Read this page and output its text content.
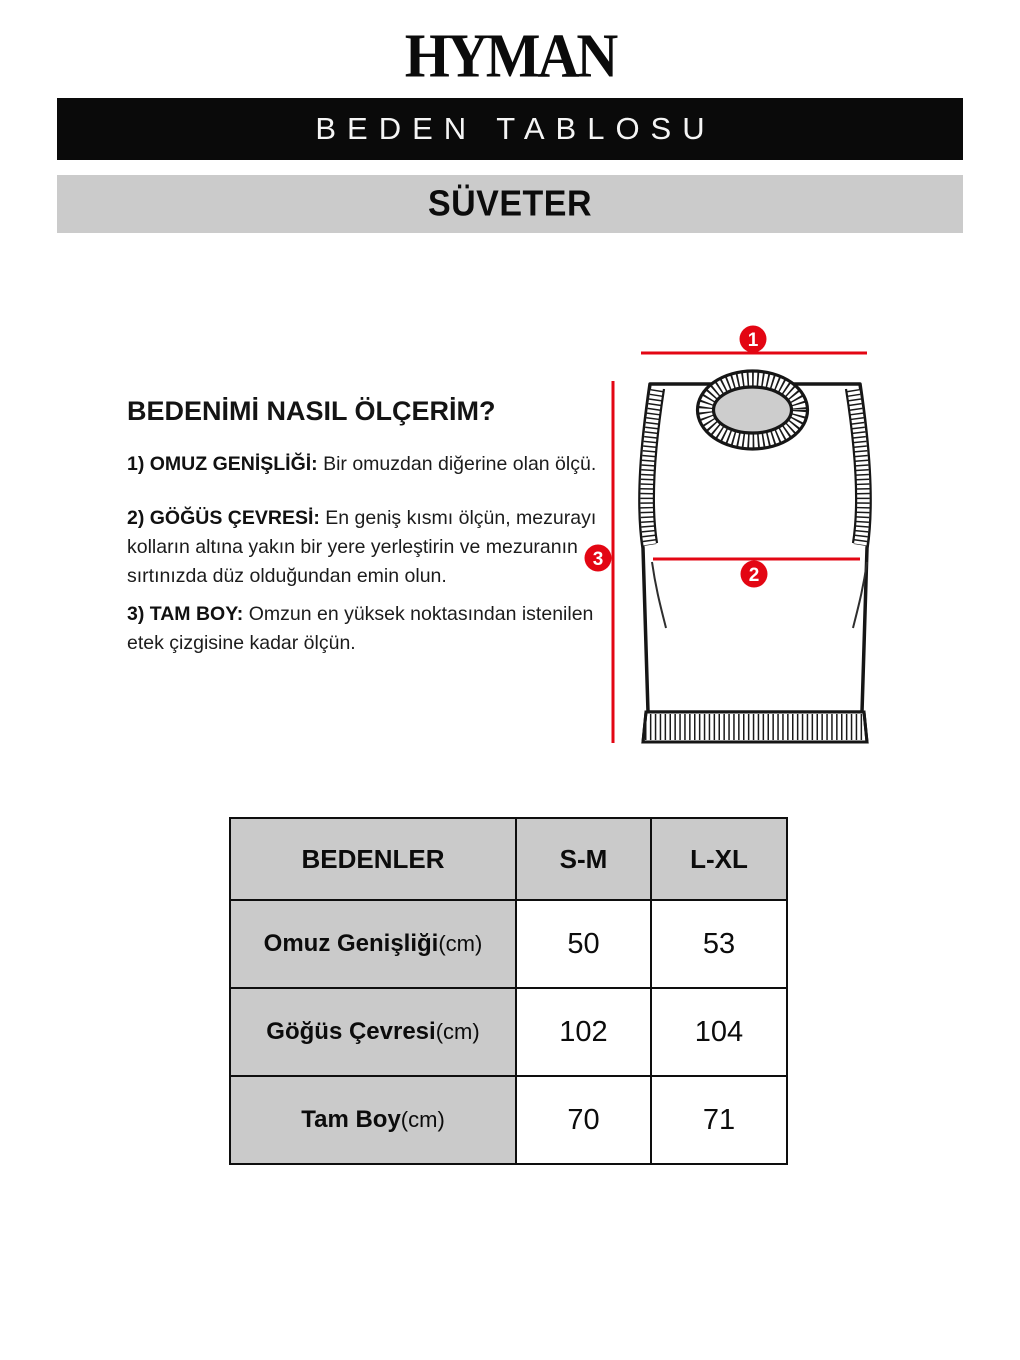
HYMAN
BEDEN TABLOSU
SÜVETER
BEDENİMİ NASIL ÖLÇERİM?
1) OMUZ GENİŞLİĞİ: Bir omuzdan diğerine olan ölçü.
2) GÖĞÜS ÇEVRESİ: En geniş kısmı ölçün, mezurayı kolların altına yakın bir yere yerleştirin ve mezuranın sırtınızda düz olduğundan emin olun.
3) TAM BOY: Omzun en yüksek noktasından istenilen etek çizgisine kadar ölçün.
1
2
3
BEDENLER	S-M	L-XL
Omuz Genişliği(cm)	50	53
Göğüs Çevresi(cm)	102	104
Tam Boy(cm)	70	71
